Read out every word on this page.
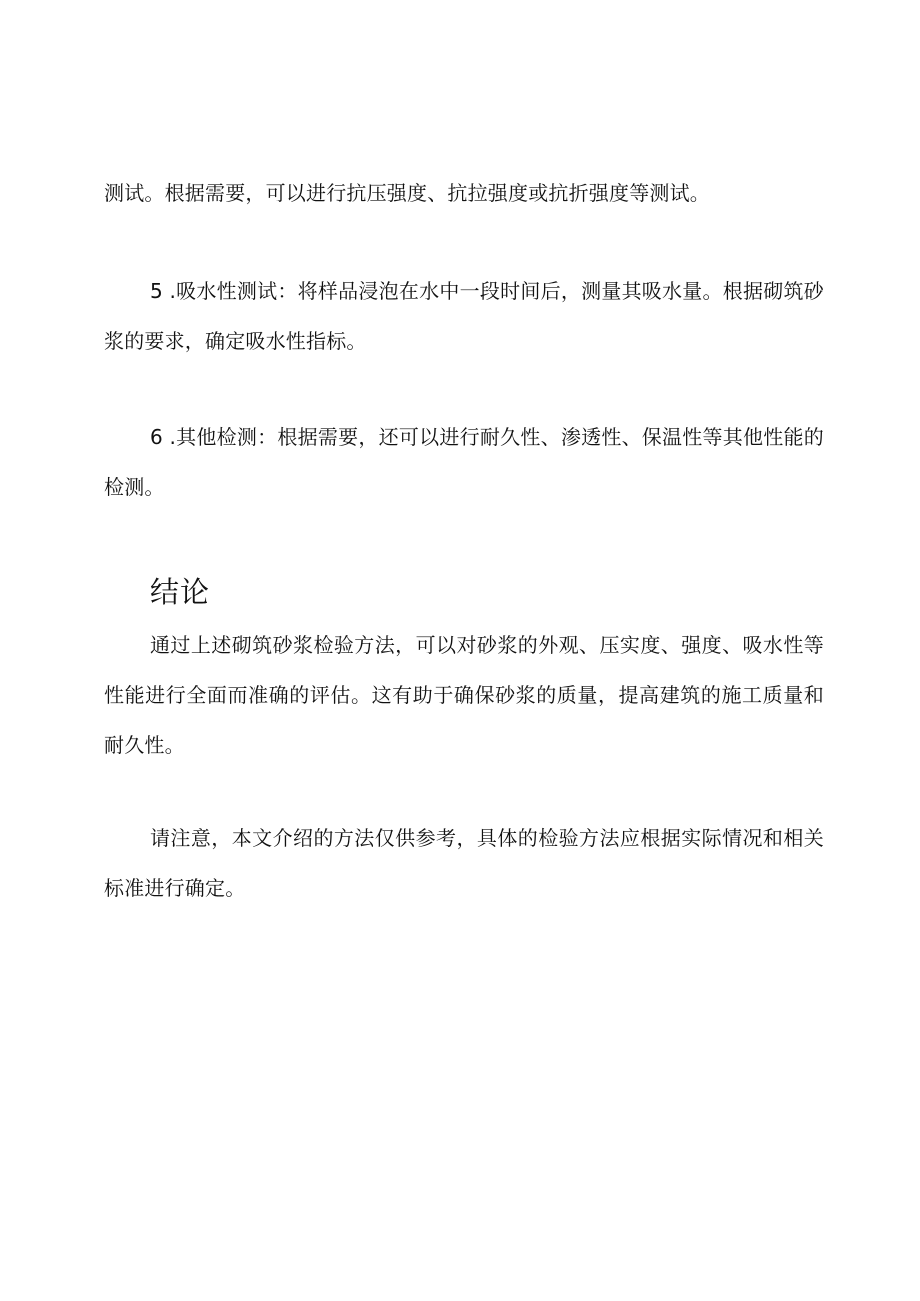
测试。根据需要，可以进行抗压强度、抗拉强度或抗折强度等测试。

5 .吸水性测试：将样品浸泡在水中一段时间后，测量其吸水量。根据砌筑砂浆的要求，确定吸水性指标。

6 .其他检测：根据需要，还可以进行耐久性、渗透性、保温性等其他性能的检测。

结论

通过上述砌筑砂浆检验方法，可以对砂浆的外观、压实度、强度、吸水性等性能进行全面而准确的评估。这有助于确保砂浆的质量，提高建筑的施工质量和耐久性。

请注意，本文介绍的方法仅供参考，具体的检验方法应根据实际情况和相关标准进行确定。
